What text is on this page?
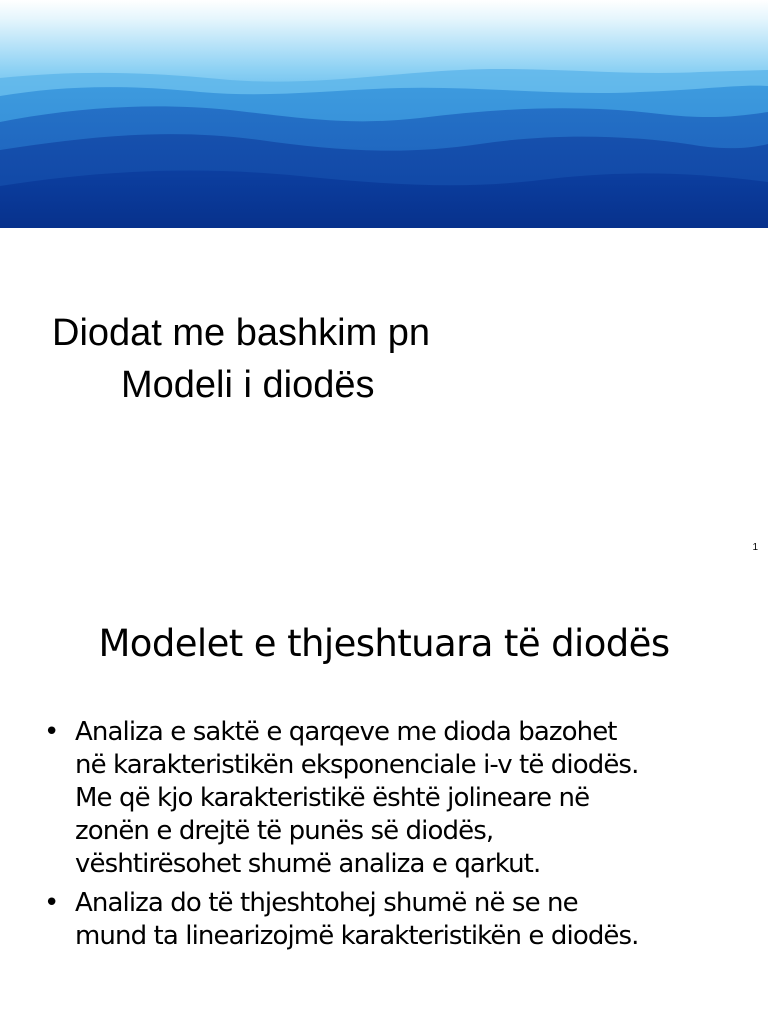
Diodat me bashkim pn
Modeli i diodës
1
Modelet e thjeshtuara të diodës
• Analiza e saktë e qarqeve me dioda bazohet
në karakteristikën eksponenciale i-v të diodës.
Me që kjo karakteristikë është jolineare në
zonën e drejtë të punës së diodës,
vështirësohet shumë analiza e qarkut.
• Analiza do të thjeshtohej shumë në se ne
mund ta linearizojmë karakteristikën e diodës.
